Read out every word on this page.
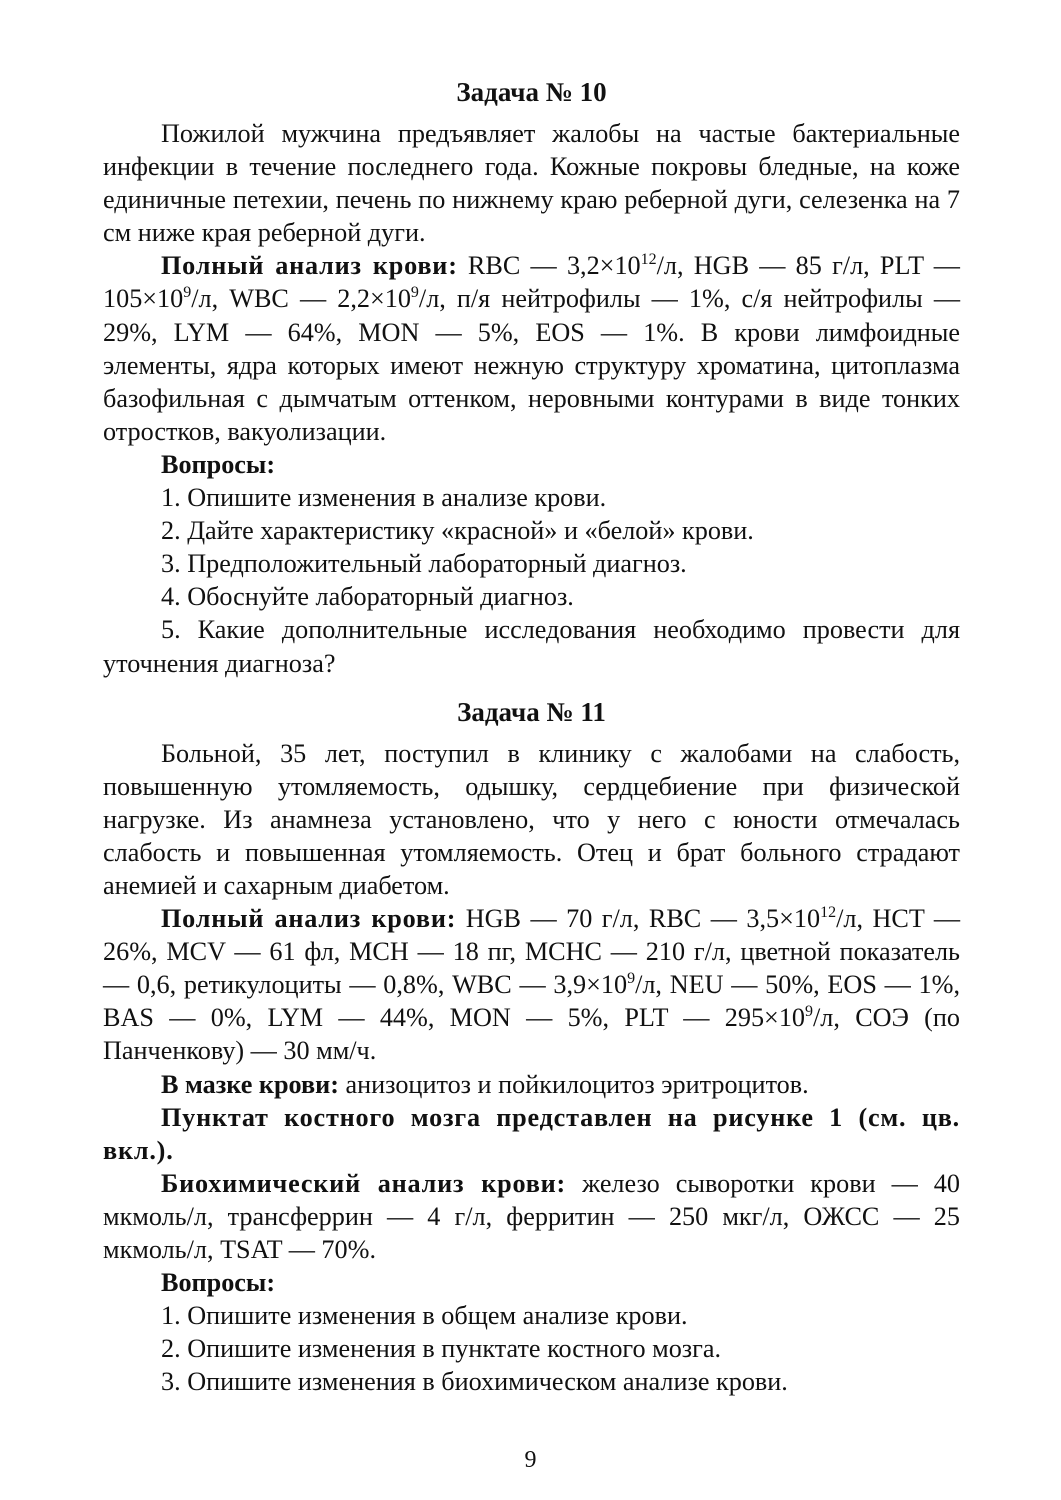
Задача № 10

Пожилой мужчина предъявляет жалобы на частые бактериальные инфекции в течение последнего года. Кожные покровы бледные, на коже единичные петехии, печень по нижнему краю реберной дуги, селезенка на 7 см ниже края реберной дуги.

Полный анализ крови: RBC — $3,2\times 10^{12}/л$, HGB — 85 г/л, PLT — $105\times 10^9/л$, WBC — $2,2\times 10^9/л$, п/я нейтрофилы — 1%, с/я нейтрофилы — 29%, LYM — 64%, MON — 5%, EOS — 1%. В крови лимфоидные элементы, ядра которых имеют нежную структуру хроматина, цитоплазма базофильная с дымчатым оттенком, неровными контурами в виде тонких отростков, вакуолизации.

Вопросы:

1. Опишите изменения в анализе крови.

2. Дайте характеристику «красной» и «белой» крови.

3. Предположительный лабораторный диагноз.

4. Обоснуйте лабораторный диагноз.

5. Какие дополнительные исследования необходимо провести для уточнения диагноза?

Задача № 11

Больной, 35 лет, поступил в клинику с жалобами на слабость, повышенную утомляемость, одышку, сердцебиение при физической нагрузке. Из анамнеза установлено, что у него с юности отмечалась слабость и повышенная утомляемость. Отец и брат больного страдают анемией и сахарным диабетом.

Полный анализ крови: HGB — 70 г/л, RBC — $3,5\times 10^{12}/л$, HCT — 26%, MCV — 61 фл, MCH — 18 пг, MCHC — 210 г/л, цветной показатель — 0,6, ретикулоциты — 0,8%, WBC — $3,9\times 10^9/л$, NEU — 50%, EOS — 1%, BAS — 0%, LYM — 44%, MON — 5%, PLT — $295\times 10^9/л$, СОЭ (по Панченкову) — 30 мм/ч.

В мазке крови: анизоцитоз и пойкилоцитоз эритроцитов.

Пунктат костного мозга представлен на рисунке 1 (см. цв. вкл.).

Биохимический анализ крови: железо сыворотки крови — 40 мкмоль/л, трансферрин — 4 г/л, ферритин — 250 мкг/л, ОЖСС — 25 мкмоль/л, TSAT — 70%.

Вопросы:

1. Опишите изменения в общем анализе крови.

2. Опишите изменения в пунктате костного мозга.

3. Опишите изменения в биохимическом анализе крови.

9
